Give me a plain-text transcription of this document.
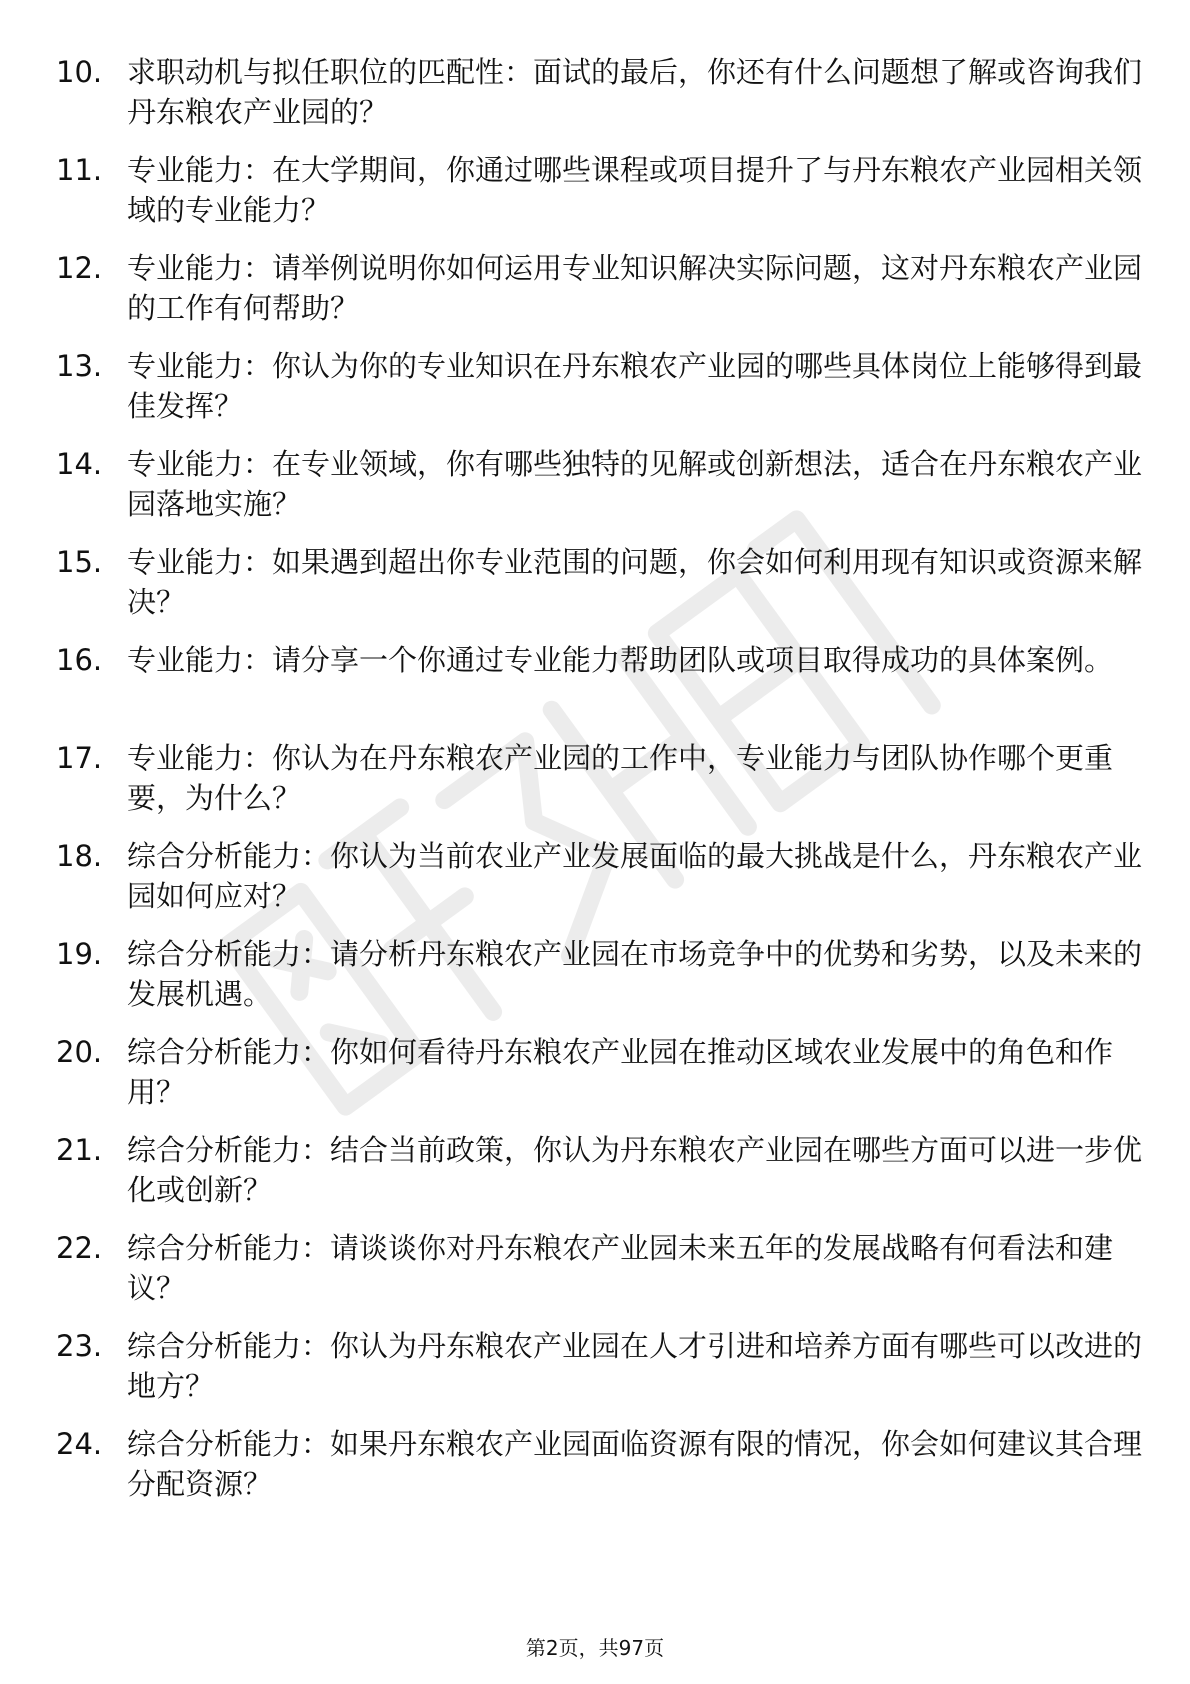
10. 求职动机与拟任职位的匹配性：面试的最后，你还有什么问题想了解或咨询我们丹东粮农产业园的？
11. 专业能力：在大学期间，你通过哪些课程或项目提升了与丹东粮农产业园相关领域的专业能力？
12. 专业能力：请举例说明你如何运用专业知识解决实际问题，这对丹东粮农产业园的工作有何帮助？
13. 专业能力：你认为你的专业知识在丹东粮农产业园的哪些具体岗位上能够得到最佳发挥？
14. 专业能力：在专业领域，你有哪些独特的见解或创新想法，适合在丹东粮农产业园落地实施？
15. 专业能力：如果遇到超出你专业范围的问题，你会如何利用现有知识或资源来解决？
16. 专业能力：请分享一个你通过专业能力帮助团队或项目取得成功的具体案例。
17. 专业能力：你认为在丹东粮农产业园的工作中，专业能力与团队协作哪个更重要，为什么？
18. 综合分析能力：你认为当前农业产业发展面临的最大挑战是什么，丹东粮农产业园如何应对？
19. 综合分析能力：请分析丹东粮农产业园在市场竞争中的优势和劣势，以及未来的发展机遇。
20. 综合分析能力：你如何看待丹东粮农产业园在推动区域农业发展中的角色和作用？
21. 综合分析能力：结合当前政策，你认为丹东粮农产业园在哪些方面可以进一步优化或创新？
22. 综合分析能力：请谈谈你对丹东粮农产业园未来五年的发展战略有何看法和建议？
23. 综合分析能力：你认为丹东粮农产业园在人才引进和培养方面有哪些可以改进的地方？
24. 综合分析能力：如果丹东粮农产业园面临资源有限的情况，你会如何建议其合理分配资源？
第2页，共97页
